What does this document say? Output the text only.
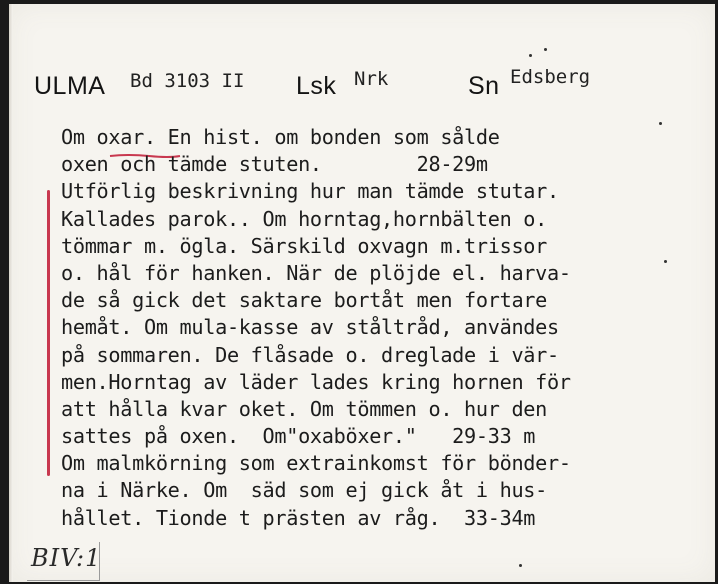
ULMA Bd 3103 II Lsk Nrk	Sn Edsberg
Om oxar. En hist. om bonden som sålde
oxen och tämde stuten.        28-29m
Utförlig beskrivning hur man tämde stutar.
Kallades parok.. Om horntag,hornbälten o.
tömmar m. ögla. Särskild oxvagn m.trissor
o. hål för hanken. När de plöjde el. harva-
de så gick det saktare bortåt men fortare
hemåt. Om mula-kasse av ståltråd, användes
på sommaren. De flåsade o. dreglade i vär-
men.Horntag av läder lades kring hornen för
att hålla kvar oket. Om tömmen o. hur den
sattes på oxen.  Om"oxaböxer."   29-33 m
Om malmkörning som extrainkomst för bönder-
na i Närke. Om  säd som ej gick åt i hus-
hållet. Tionde t prästen av råg.  33-34m
BIV:1
